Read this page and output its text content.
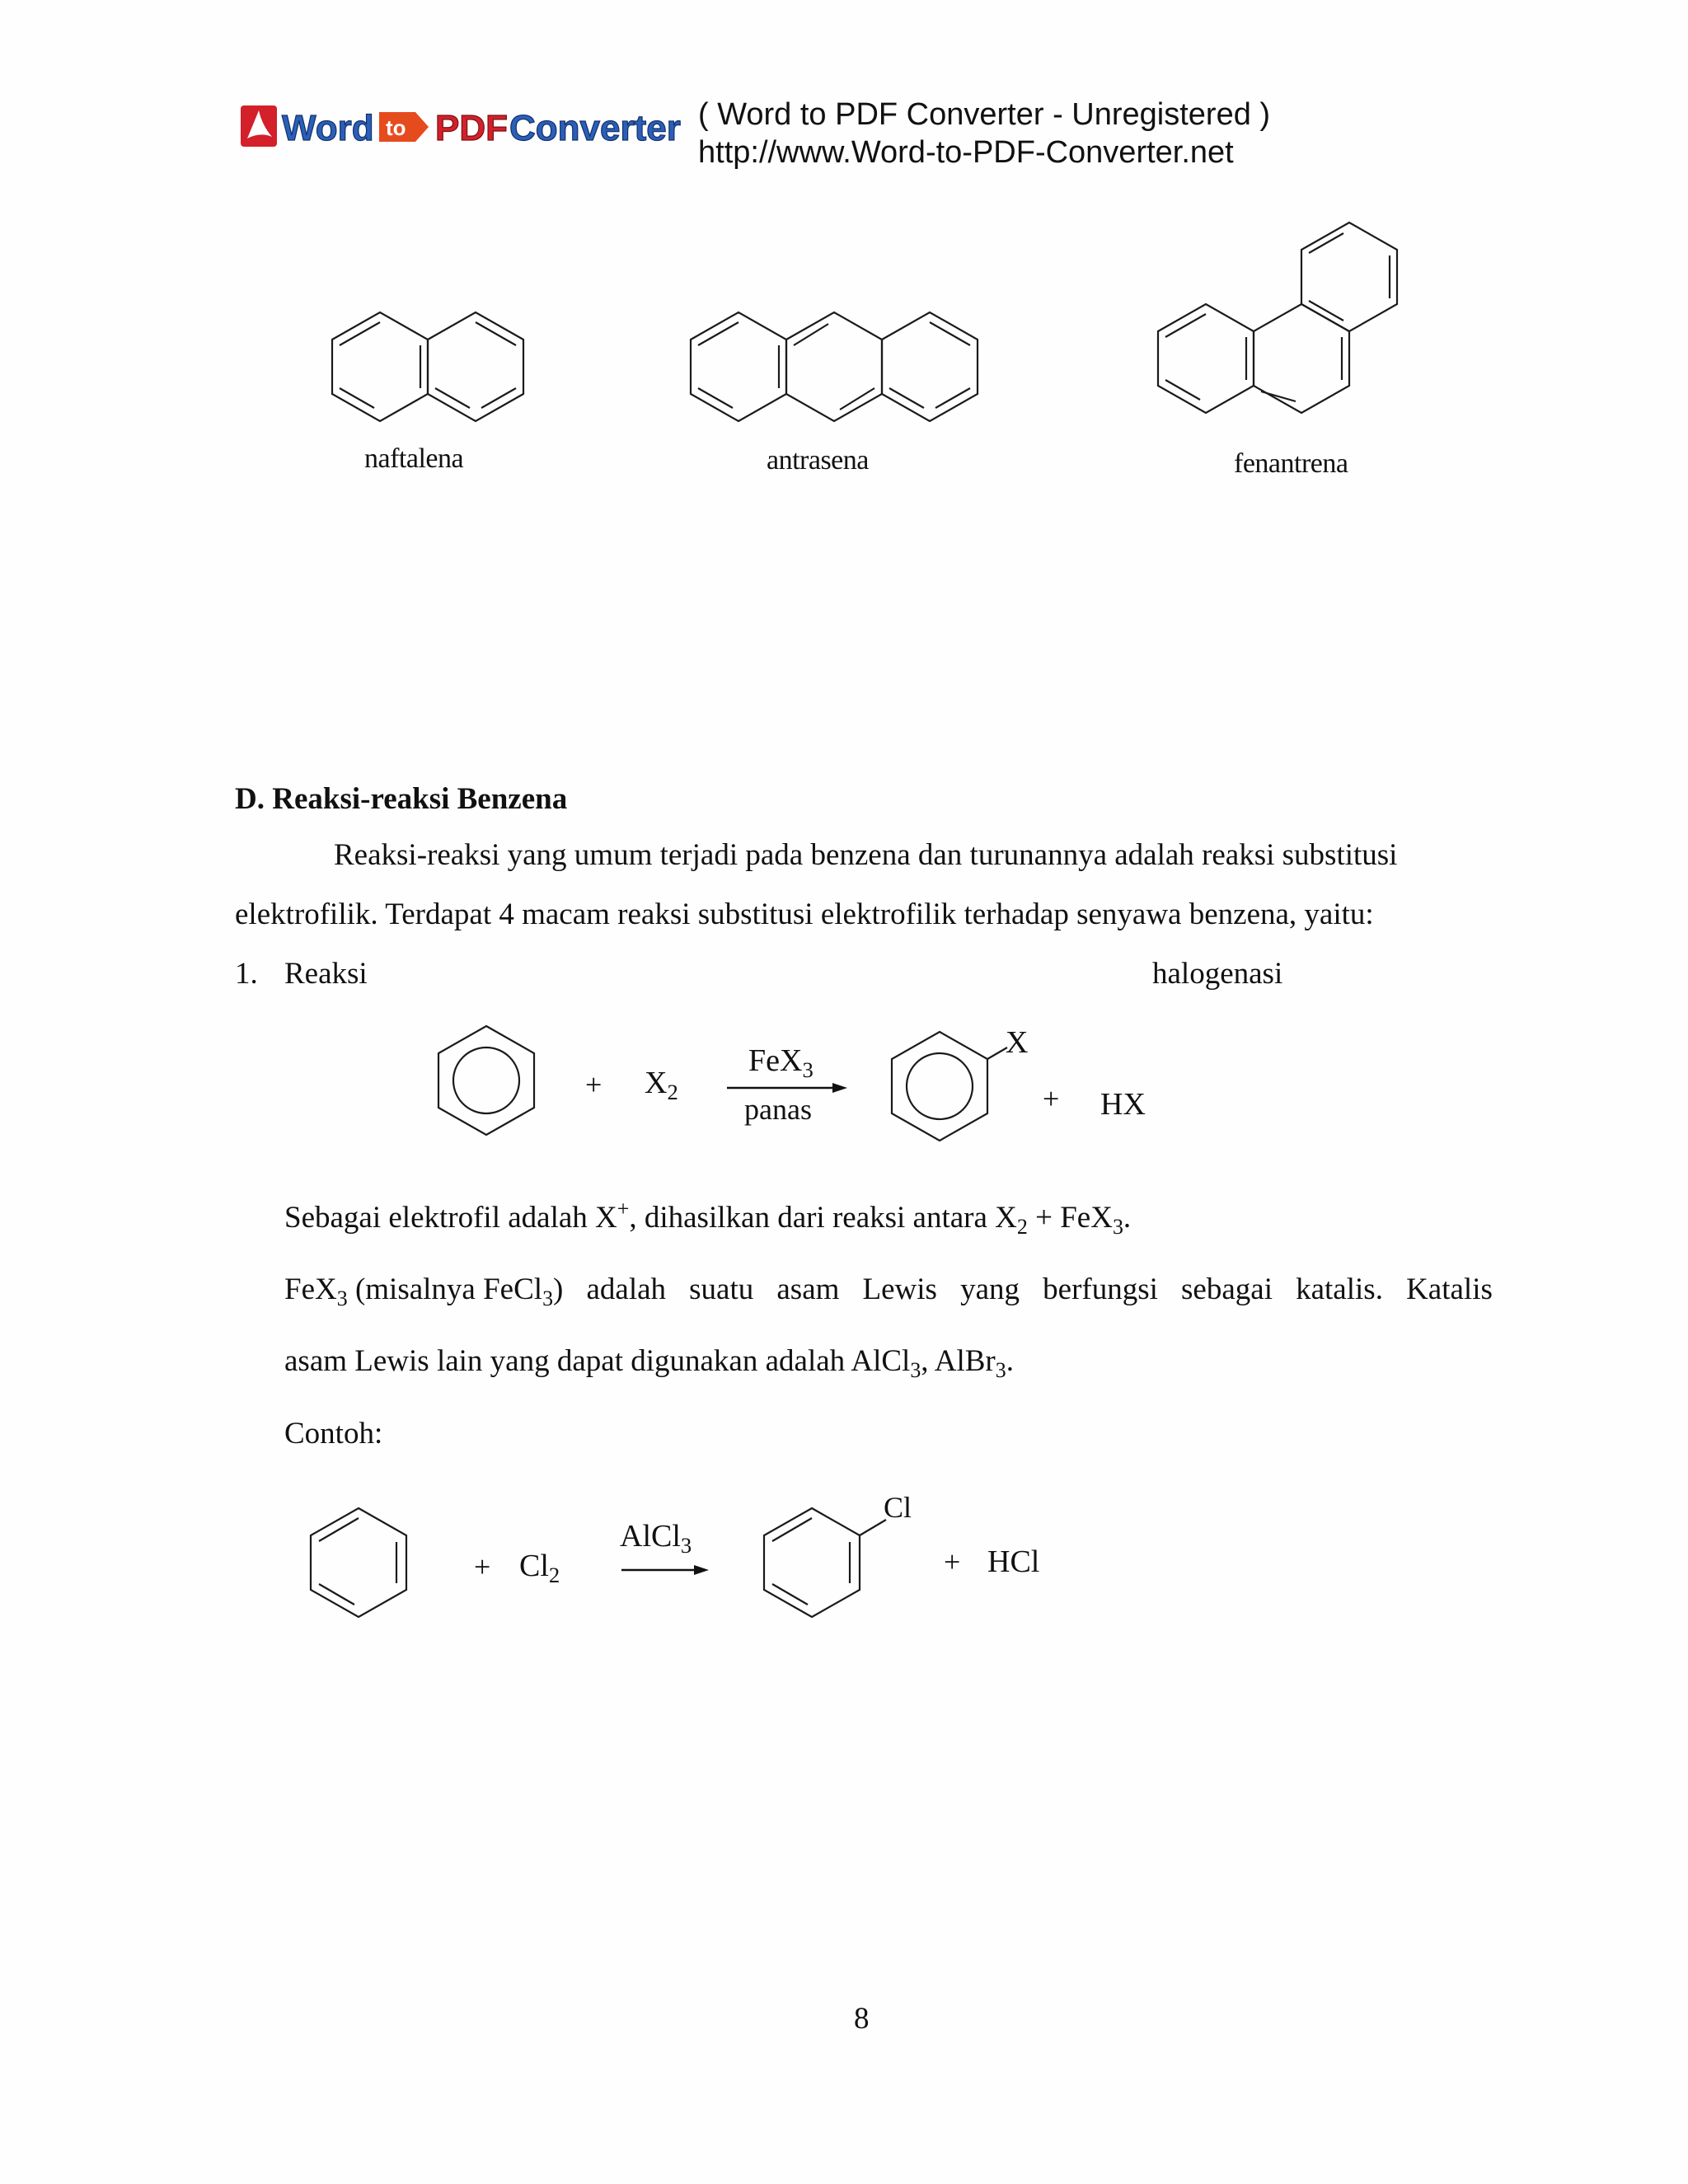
Word to PDF Converter ( Word to PDF Converter - Unregistered )
http://www.Word-to-PDF-Converter.net
naftalena	antrasena	fenantrena
D. Reaksi-reaksi Benzena
Reaksi-reaksi yang umum terjadi pada benzena dan turunannya adalah reaksi substitusi
elektrofilik. Terdapat 4 macam reaksi substitusi elektrofilik terhadap senyawa benzena, yaitu:
1. Reaksi	halogenasi
+ $X_2$
FeX$_3$
panas
X
+ HX
Sebagai elektrofil adalah X+, dihasilkan dari reaksi antara $X_2 + FeX_3$.
FeX$_3$ (misalnya FeCl$_3$) adalah suatu asam Lewis yang berfungsi sebagai katalis. Katalis
asam Lewis lain yang dapat digunakan adalah AlCl$_3$, AlBr$_3$.
Contoh:
+ $Cl_2$
AlCl$_3$
Cl
+ HCl
8
